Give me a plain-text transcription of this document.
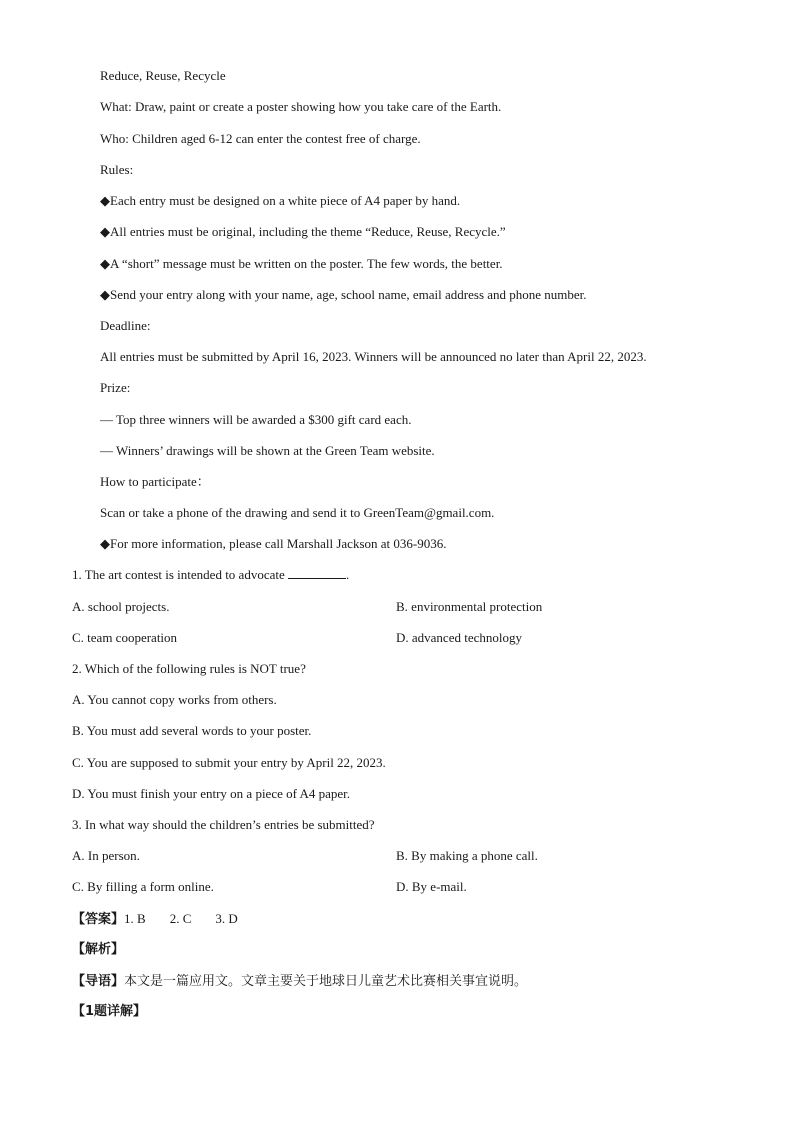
Reduce, Reuse, Recycle
What: Draw, paint or create a poster showing how you take care of the Earth.
Who: Children aged 6-12 can enter the contest free of charge.
Rules:
◆Each entry must be designed on a white piece of A4 paper by hand.
◆All entries must be original, including the theme “Reduce, Reuse, Recycle.”
◆A “short” message must be written on the poster. The few words, the better.
◆Send your entry along with your name, age, school name, email address and phone number.
Deadline:
All entries must be submitted by April 16, 2023. Winners will be announced no later than April 22, 2023.
Prize:
— Top three winners will be awarded a $300 gift card each.
— Winners’ drawings will be shown at the Green Team website.
How to participate：
Scan or take a phone of the drawing and send it to GreenTeam@gmail.com.
◆For more information, please call Marshall Jackson at 036-9036.
1. The art contest is intended to advocate	.
A. school projects.	B. environmental protection
C. team cooperation	D. advanced technology
2. Which of the following rules is NOT true?
A. You cannot copy works from others.
B. You must add several words to your poster.
C. You are supposed to submit your entry by April 22, 2023.
D. You must finish your entry on a piece of A4 paper.
3. In what way should the children’s entries be submitted?
A. In person.	B. By making a phone call.
C. By filling a form online.	D. By e-mail.
【答案】1. B 2. C 3. D
【解析】
【导语】本文是一篇应用文。文章主要关于地球日儿童艺术比赛相关事宜说明。
【1题详解】
